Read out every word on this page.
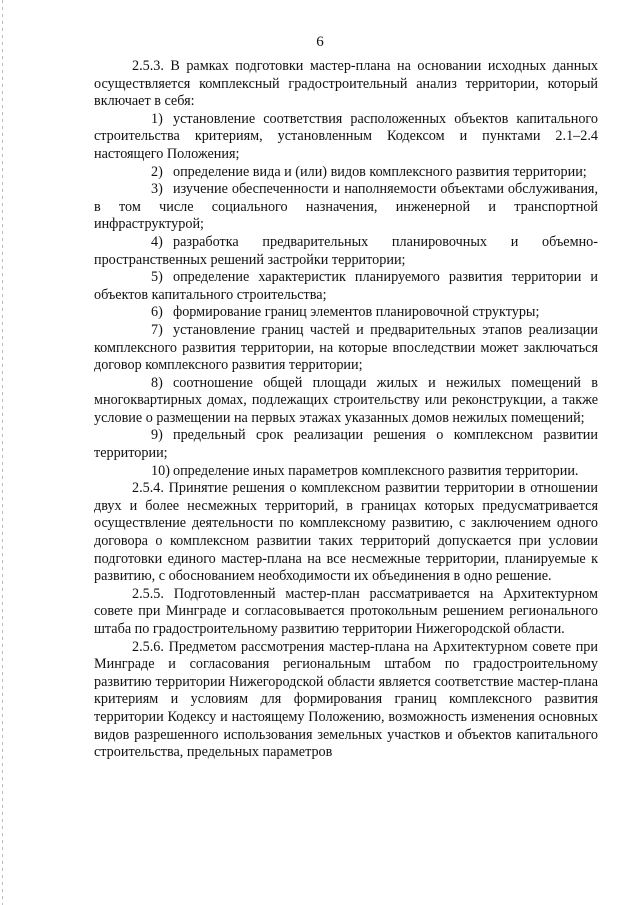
6

2.5.3. В рамках подготовки мастер-плана на основании исходных данных осуществляется комплексный градостроительный анализ территории, который включает в себя:

1) установление соответствия расположенных объектов капитального строительства критериям, установленным Кодексом и пунктами 2.1–2.4 настоящего Положения;

2) определение вида и (или) видов комплексного развития территории;

3) изучение обеспеченности и наполняемости объектами обслуживания, в том числе социального назначения, инженерной и транспортной инфраструктурой;

4) разработка предварительных планировочных и объемно-пространственных решений застройки территории;

5) определение характеристик планируемого развития территории и объектов капитального строительства;

6) формирование границ элементов планировочной структуры;

7) установление границ частей и предварительных этапов реализации комплексного развития территории, на которые впоследствии может заключаться договор комплексного развития территории;

8) соотношение общей площади жилых и нежилых помещений в многоквартирных домах, подлежащих строительству или реконструкции, а также условие о размещении на первых этажах указанных домов нежилых помещений;

9) предельный срок реализации решения о комплексном развитии территории;

10) определение иных параметров комплексного развития территории.

2.5.4. Принятие решения о комплексном развитии территории в отношении двух и более несмежных территорий, в границах которых предусматривается осуществление деятельности по комплексному развитию, с заключением одного договора о комплексном развитии таких территорий допускается при условии подготовки единого мастер-плана на все несмежные территории, планируемые к развитию, с обоснованием необходимости их объединения в одно решение.

2.5.5. Подготовленный мастер-план рассматривается на Архитектурном совете при Минграде и согласовывается протокольным решением регионального штаба по градостроительному развитию территории Нижегородской области.

2.5.6. Предметом рассмотрения мастер-плана на Архитектурном совете при Минграде и согласования региональным штабом по градостроительному развитию территории Нижегородской области является соответствие мастер-плана критериям и условиям для формирования границ комплексного развития территории Кодексу и настоящему Положению, возможность изменения основных видов разрешенного использования земельных участков и объектов капитального строительства, предельных параметров
